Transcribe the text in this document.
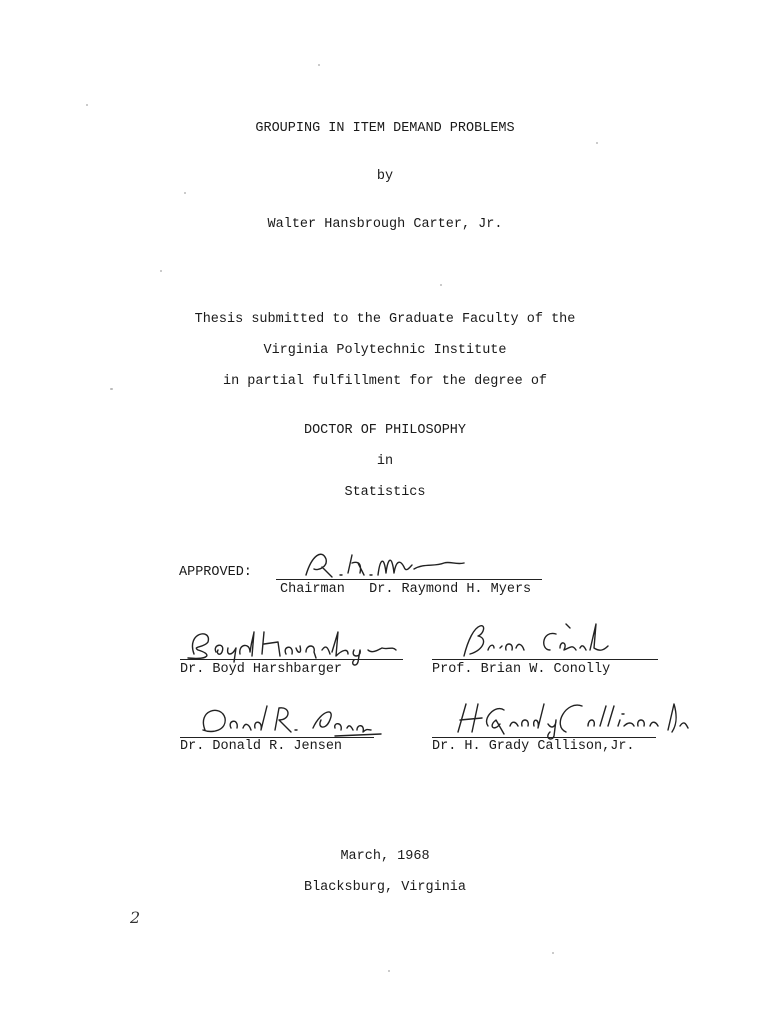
GROUPING IN ITEM DEMAND PROBLEMS
by
Walter Hansbrough Carter, Jr.
Thesis submitted to the Graduate Faculty of the
Virginia Polytechnic Institute
in partial fulfillment for the degree of
DOCTOR OF PHILOSOPHY
in
Statistics
APPROVED:
Chairman   Dr. Raymond H. Myers
Dr. Boyd Harshbarger	Prof. Brian W. Conolly
Dr. Donald R. Jensen	Dr. H. Grady Callison,Jr.
March, 1968
Blacksburg, Virginia
2
